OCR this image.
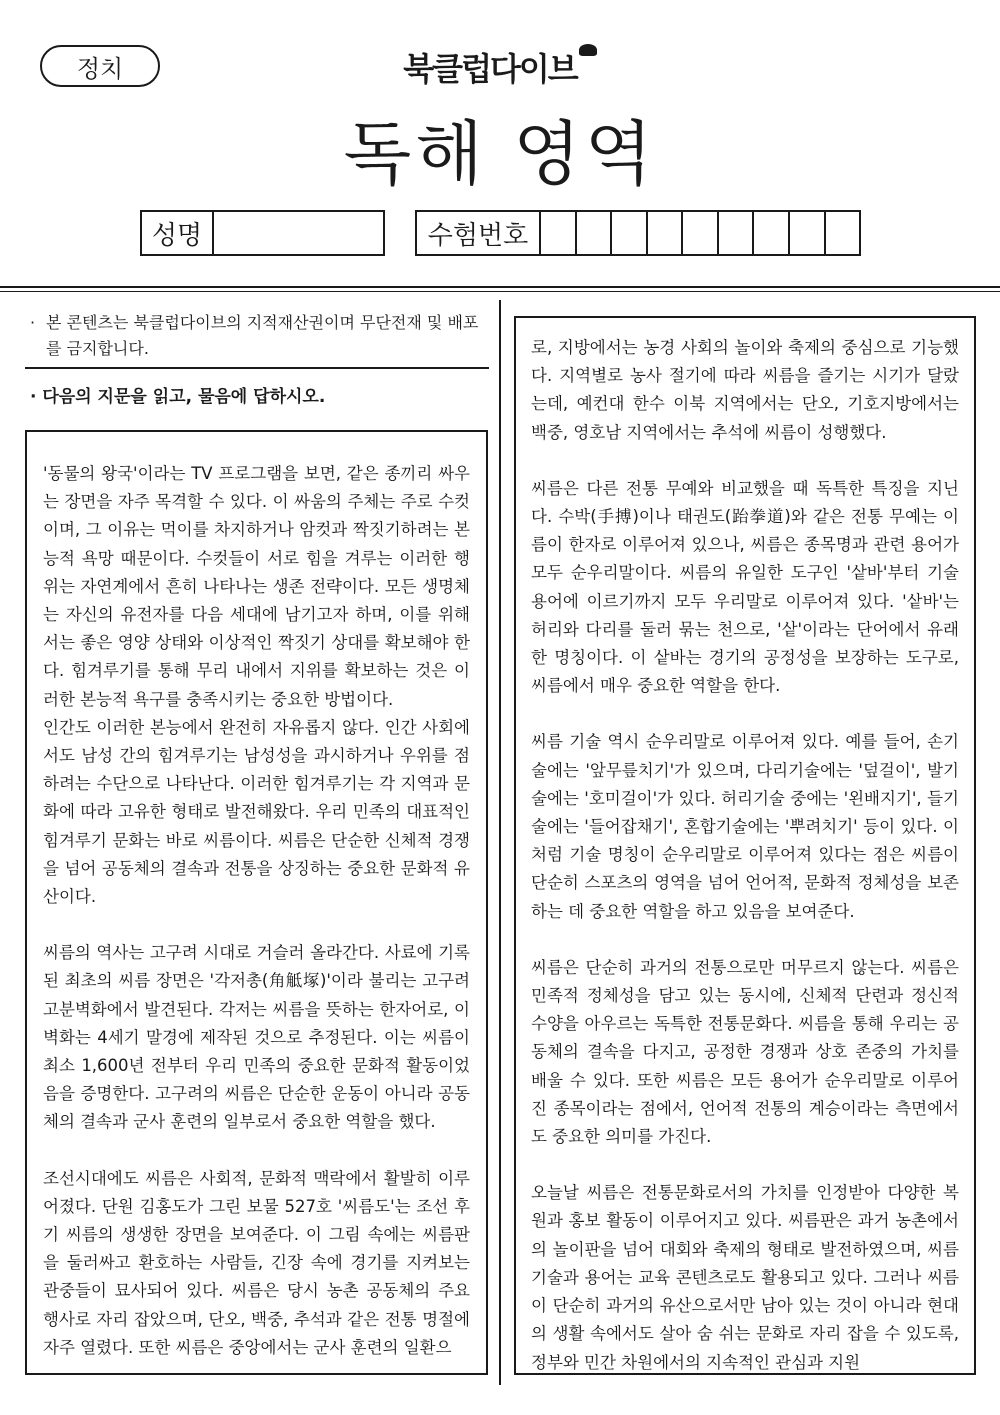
정치	북클럽다이브
독해 영역
성명	수험번호
· 본 콘텐츠는 북클럽다이브의 지적재산권이며 무단전재 및 배포를 금지합니다.
· 다음의 지문을 읽고, 물음에 답하시오.

'동물의 왕국'이라는 TV 프로그램을 보면, 같은 종끼리 싸우는 장면을 자주 목격할 수 있다. 이 싸움의 주체는 주로 수컷이며, 그 이유는 먹이를 차지하거나 암컷과 짝짓기하려는 본능적 욕망 때문이다. 수컷들이 서로 힘을 겨루는 이러한 행위는 자연계에서 흔히 나타나는 생존 전략이다. 모든 생명체는 자신의 유전자를 다음 세대에 남기고자 하며, 이를 위해서는 좋은 영양 상태와 이상적인 짝짓기 상대를 확보해야 한다. 힘겨루기를 통해 무리 내에서 지위를 확보하는 것은 이러한 본능적 욕구를 충족시키는 중요한 방법이다.

인간도 이러한 본능에서 완전히 자유롭지 않다. 인간 사회에서도 남성 간의 힘겨루기는 남성성을 과시하거나 우위를 점하려는 수단으로 나타난다. 이러한 힘겨루기는 각 지역과 문화에 따라 고유한 형태로 발전해왔다. 우리 민족의 대표적인 힘겨루기 문화는 바로 씨름이다. 씨름은 단순한 신체적 경쟁을 넘어 공동체의 결속과 전통을 상징하는 중요한 문화적 유산이다.

씨름의 역사는 고구려 시대로 거슬러 올라간다. 사료에 기록된 최초의 씨름 장면은 '각저총(角觝塚)'이라 불리는 고구려 고분벽화에서 발견된다. 각저는 씨름을 뜻하는 한자어로, 이 벽화는 4세기 말경에 제작된 것으로 추정된다. 이는 씨름이 최소 1,600년 전부터 우리 민족의 중요한 문화적 활동이었음을 증명한다. 고구려의 씨름은 단순한 운동이 아니라 공동체의 결속과 군사 훈련의 일부로서 중요한 역할을 했다.

조선시대에도 씨름은 사회적, 문화적 맥락에서 활발히 이루어졌다. 단원 김홍도가 그린 보물 527호 '씨름도'는 조선 후기 씨름의 생생한 장면을 보여준다. 이 그림 속에는 씨름판을 둘러싸고 환호하는 사람들, 긴장 속에 경기를 지켜보는 관중들이 묘사되어 있다. 씨름은 당시 농촌 공동체의 주요 행사로 자리 잡았으며, 단오, 백중, 추석과 같은 전통 명절에 자주 열렸다. 또한 씨름은 중앙에서는 군사 훈련의 일환으

로, 지방에서는 농경 사회의 놀이와 축제의 중심으로 기능했다. 지역별로 농사 절기에 따라 씨름을 즐기는 시기가 달랐는데, 예컨대 한수 이북 지역에서는 단오, 기호지방에서는 백중, 영호남 지역에서는 추석에 씨름이 성행했다.

씨름은 다른 전통 무예와 비교했을 때 독특한 특징을 지닌다. 수박(手搏)이나 태권도(跆拳道)와 같은 전통 무예는 이름이 한자로 이루어져 있으나, 씨름은 종목명과 관련 용어가 모두 순우리말이다. 씨름의 유일한 도구인 '샅바'부터 기술 용어에 이르기까지 모두 우리말로 이루어져 있다. '샅바'는 허리와 다리를 둘러 묶는 천으로, '샅'이라는 단어에서 유래한 명칭이다. 이 샅바는 경기의 공정성을 보장하는 도구로, 씨름에서 매우 중요한 역할을 한다.

씨름 기술 역시 순우리말로 이루어져 있다. 예를 들어, 손기술에는 '앞무릎치기'가 있으며, 다리기술에는 '덮걸이', 발기술에는 '호미걸이'가 있다. 허리기술 중에는 '왼배지기', 들기술에는 '들어잡채기', 혼합기술에는 '뿌려치기' 등이 있다. 이처럼 기술 명칭이 순우리말로 이루어져 있다는 점은 씨름이 단순히 스포츠의 영역을 넘어 언어적, 문화적 정체성을 보존하는 데 중요한 역할을 하고 있음을 보여준다.

씨름은 단순히 과거의 전통으로만 머무르지 않는다. 씨름은 민족적 정체성을 담고 있는 동시에, 신체적 단련과 정신적 수양을 아우르는 독특한 전통문화다. 씨름을 통해 우리는 공동체의 결속을 다지고, 공정한 경쟁과 상호 존중의 가치를 배울 수 있다. 또한 씨름은 모든 용어가 순우리말로 이루어진 종목이라는 점에서, 언어적 전통의 계승이라는 측면에서도 중요한 의미를 가진다.

오늘날 씨름은 전통문화로서의 가치를 인정받아 다양한 복원과 홍보 활동이 이루어지고 있다. 씨름판은 과거 농촌에서의 놀이판을 넘어 대회와 축제의 형태로 발전하였으며, 씨름 기술과 용어는 교육 콘텐츠로도 활용되고 있다. 그러나 씨름이 단순히 과거의 유산으로서만 남아 있는 것이 아니라 현대의 생활 속에서도 살아 숨 쉬는 문화로 자리 잡을 수 있도록, 정부와 민간 차원에서의 지속적인 관심과 지원
